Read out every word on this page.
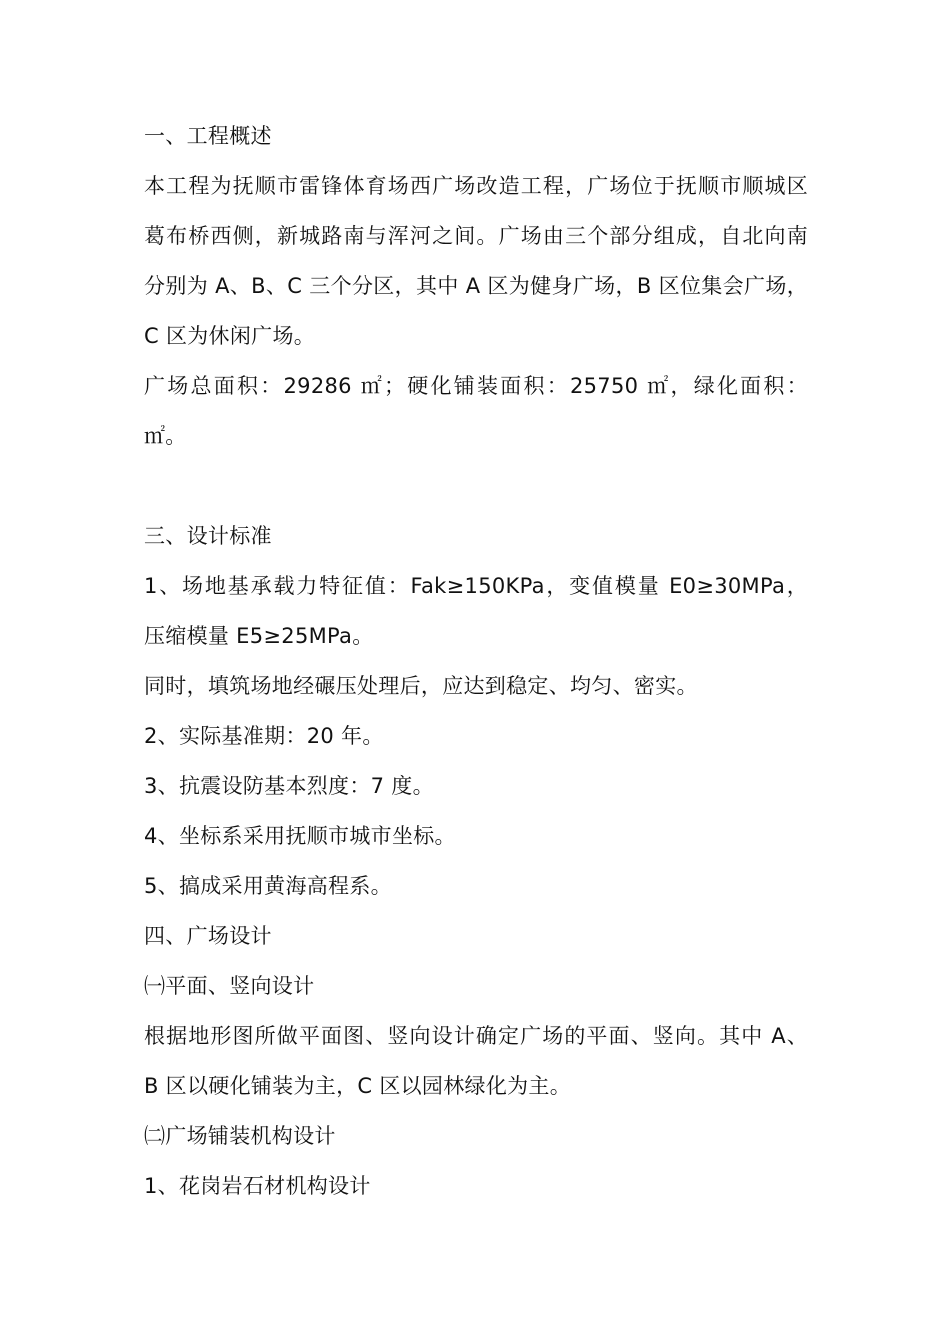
一、工程概述
本工程为抚顺市雷锋体育场西广场改造工程，广场位于抚顺市顺城区
葛布桥西侧，新城路南与浑河之间。广场由三个部分组成，自北向南
分别为 A、B、C 三个分区，其中 A 区为健身广场，B 区位集会广场，
C 区为休闲广场。
广场总面积：29286 ㎡；硬化铺装面积：25750 ㎡，绿化面积：
㎡。
三、设计标准
1、场地基承载力特征值：Fak≥150KPa，变值模量 E0≥30MPa，
压缩模量 E5≥25MPa。
同时，填筑场地经碾压处理后，应达到稳定、均匀、密实。
2、实际基准期：20 年。
3、抗震设防基本烈度：7 度。
4、坐标系采用抚顺市城市坐标。
5、搞成采用黄海高程系。
四、广场设计
㈠平面、竖向设计
根据地形图所做平面图、竖向设计确定广场的平面、竖向。其中 A、
B 区以硬化铺装为主，C 区以园林绿化为主。
㈡广场铺装机构设计
1、花岗岩石材机构设计
